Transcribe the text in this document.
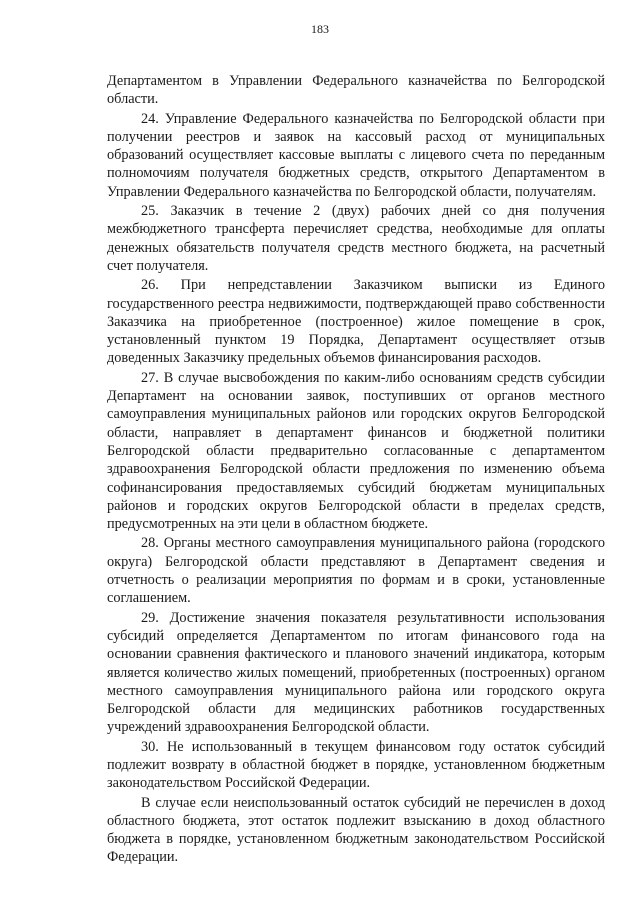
183

Департаментом в Управлении Федерального казначейства по Белгородской области.

24. Управление Федерального казначейства по Белгородской области при получении реестров и заявок на кассовый расход от муниципальных образований осуществляет кассовые выплаты с лицевого счета по переданным полномочиям получателя бюджетных средств, открытого Департаментом в Управлении Федерального казначейства по Белгородской области, получателям.

25. Заказчик в течение 2 (двух) рабочих дней со дня получения межбюджетного трансферта перечисляет средства, необходимые для оплаты денежных обязательств получателя средств местного бюджета, на расчетный счет получателя.

26. При непредставлении Заказчиком выписки из Единого государственного реестра недвижимости, подтверждающей право собственности Заказчика на приобретенное (построенное) жилое помещение в срок, установленный пунктом 19 Порядка, Департамент осуществляет отзыв доведенных Заказчику предельных объемов финансирования расходов.

27. В случае высвобождения по каким-либо основаниям средств субсидии Департамент на основании заявок, поступивших от органов местного самоуправления муниципальных районов или городских округов Белгородской области, направляет в департамент финансов и бюджетной политики Белгородской области предварительно согласованные с департаментом здравоохранения Белгородской области предложения по изменению объема софинансирования предоставляемых субсидий бюджетам муниципальных районов и городских округов Белгородской области в пределах средств, предусмотренных на эти цели в областном бюджете.

28. Органы местного самоуправления муниципального района (городского округа) Белгородской области представляют в Департамент сведения и отчетность о реализации мероприятия по формам и в сроки, установленные соглашением.

29. Достижение значения показателя результативности использования субсидий определяется Департаментом по итогам финансового года на основании сравнения фактического и планового значений индикатора, которым является количество жилых помещений, приобретенных (построенных) органом местного самоуправления муниципального района или городского округа Белгородской области для медицинских работников государственных учреждений здравоохранения Белгородской области.

30. Не использованный в текущем финансовом году остаток субсидий подлежит возврату в областной бюджет в порядке, установленном бюджетным законодательством Российской Федерации.

В случае если неиспользованный остаток субсидий не перечислен в доход областного бюджета, этот остаток подлежит взысканию в доход областного бюджета в порядке, установленном бюджетным законодательством Российской Федерации.
